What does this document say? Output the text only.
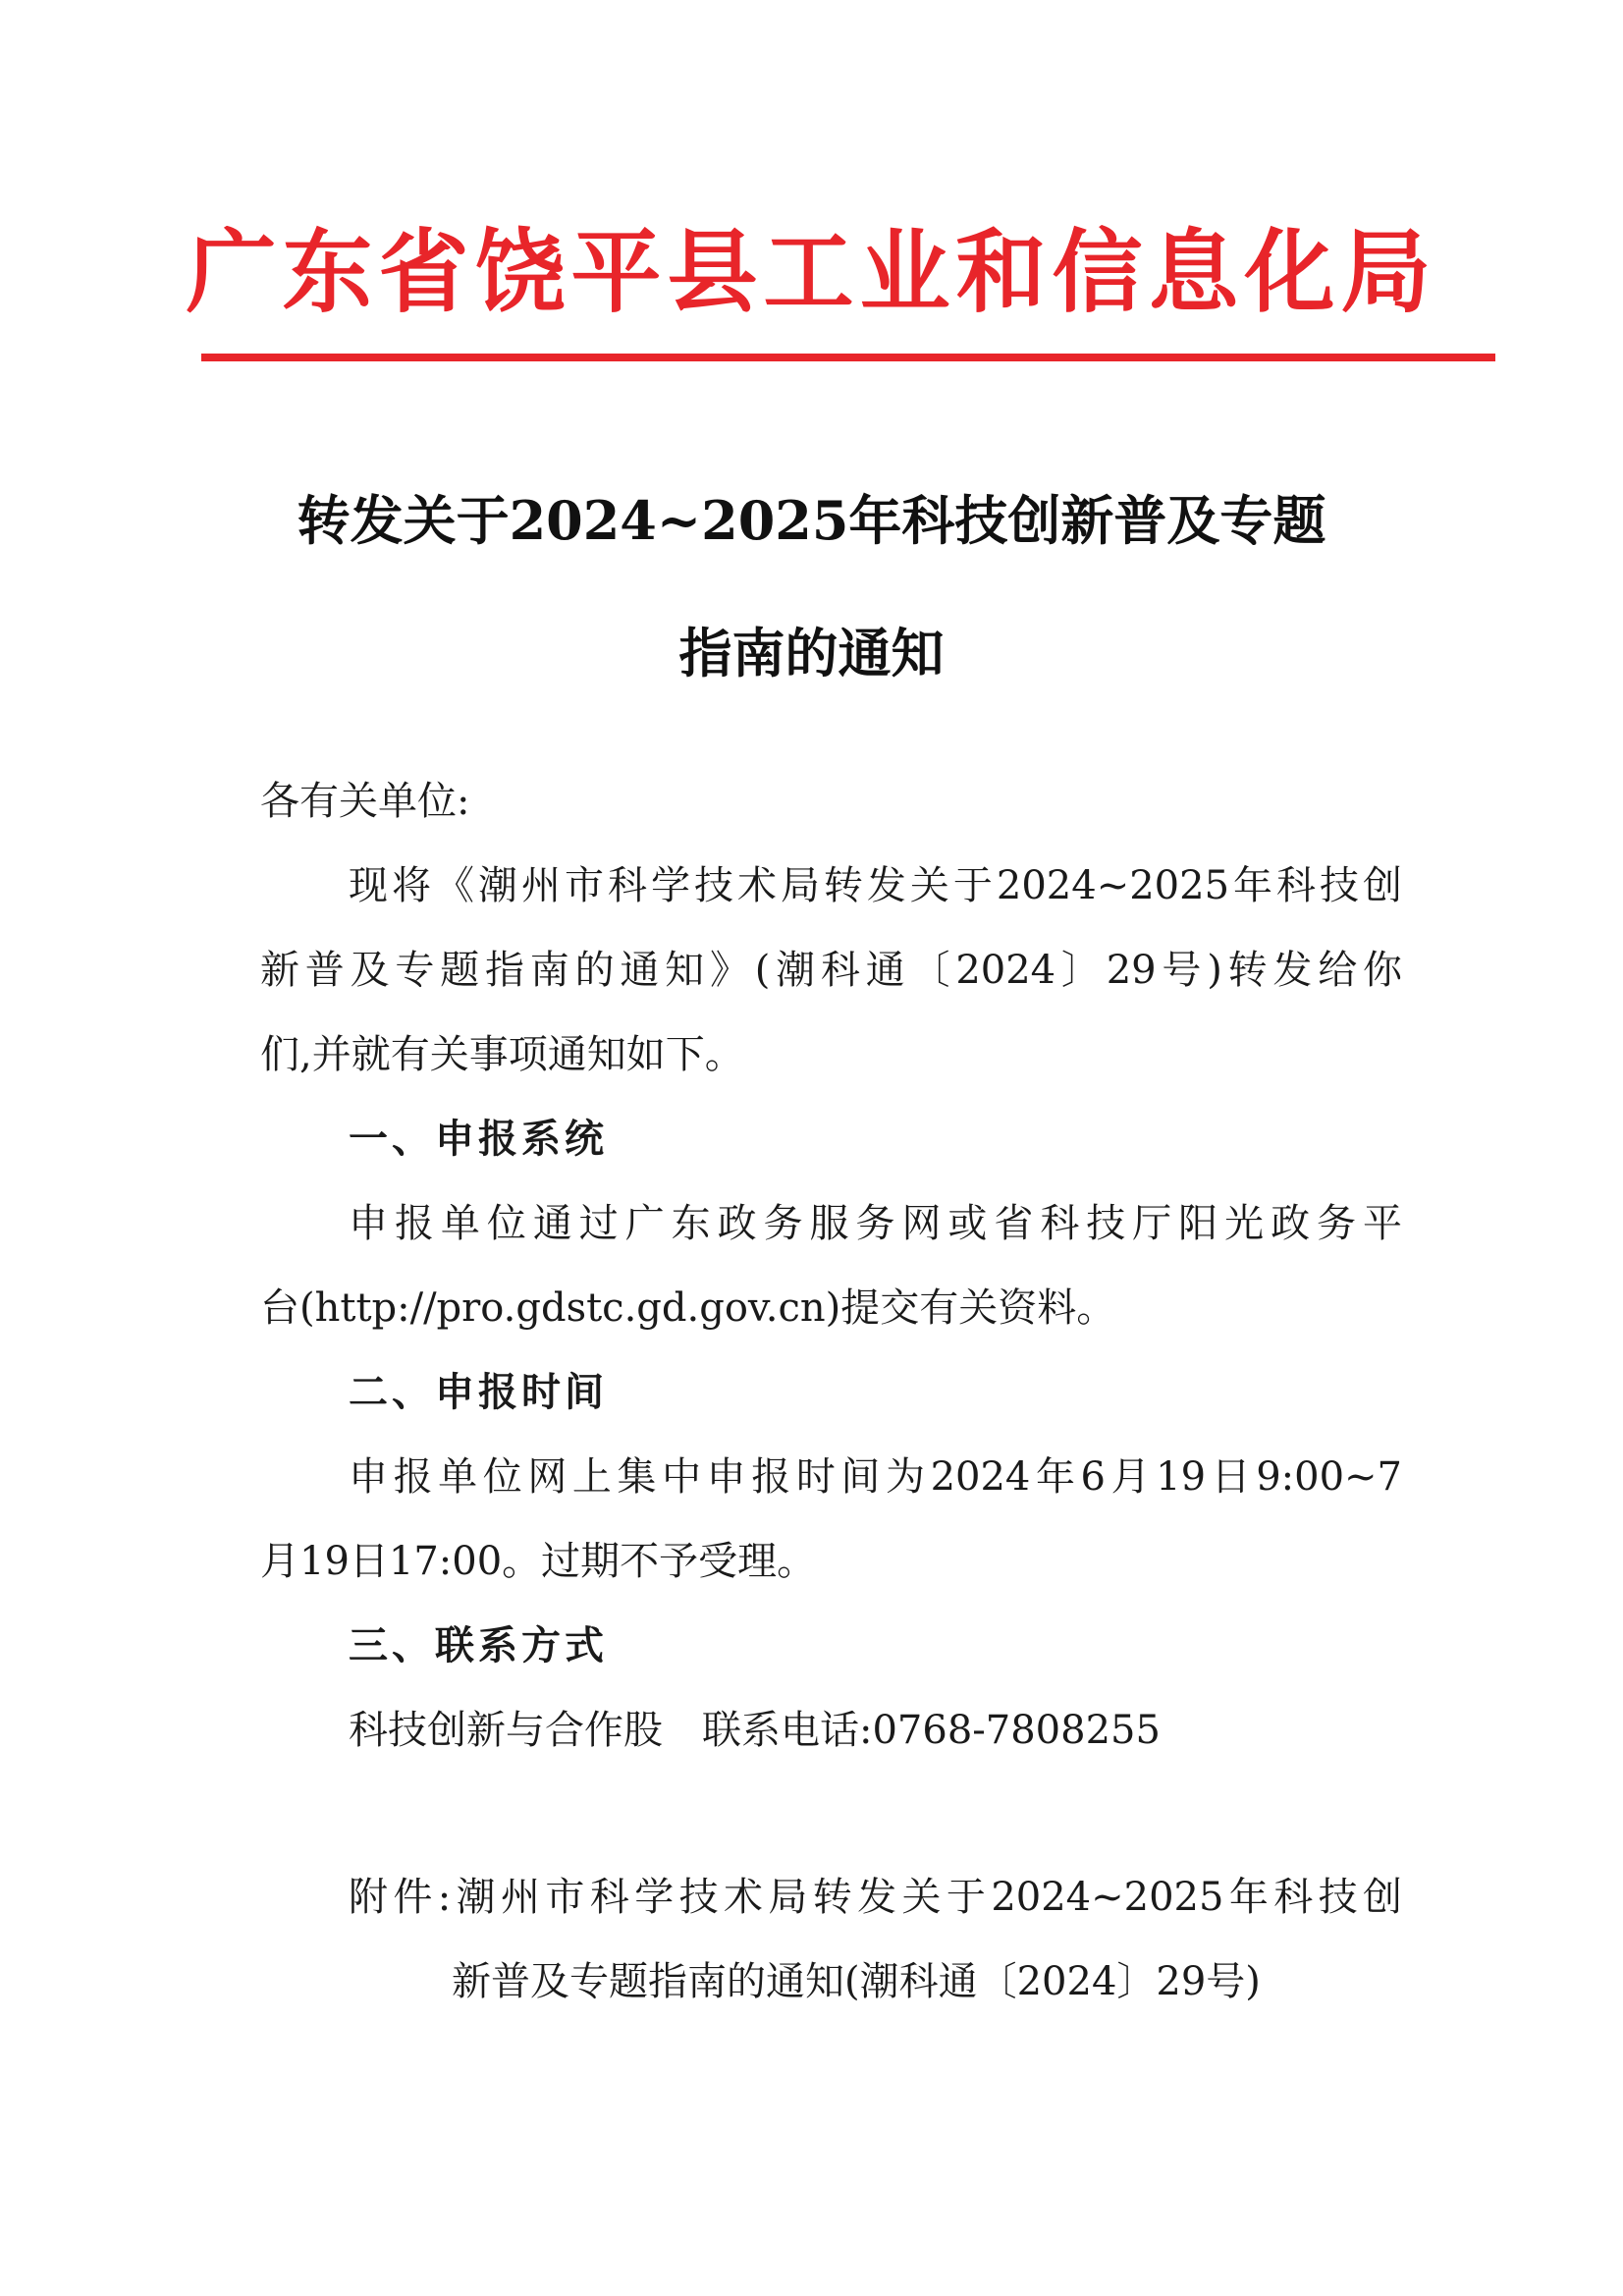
广东省饶平县工业和信息化局
转发关于2024~2025年科技创新普及专题
指南的通知
各有关单位:
现将《潮州市科学技术局转发关于2024~2025年科技创
新普及专题指南的通知》(潮科通〔2024〕29号)转发给你
们,并就有关事项通知如下。
一、申报系统
申报单位通过广东政务服务网或省科技厅阳光政务平
台(http://pro.gdstc.gd.gov.cn)提交有关资料。
二、申报时间
申报单位网上集中申报时间为2024年6月19日9:00~7
月19日17:00。过期不予受理。
三、联系方式
科技创新与合作股 联系电话:0768-7808255
附件:潮州市科学技术局转发关于2024~2025年科技创
新普及专题指南的通知(潮科通〔2024〕29号)
